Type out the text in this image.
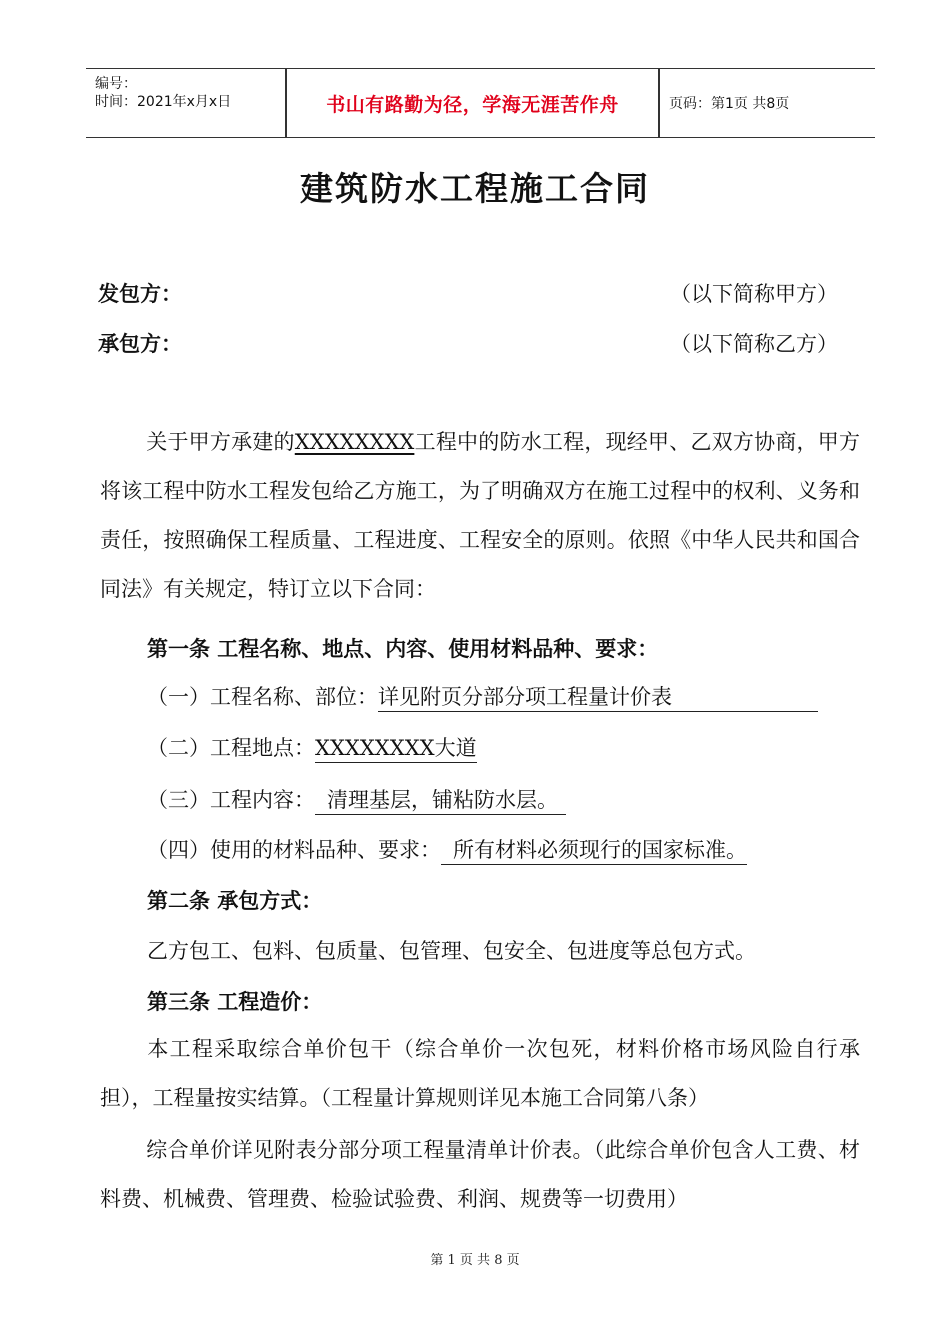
编号：
时间：2021年x月x日	书山有路勤为径，学海无涯苦作舟	页码：第1页 共8页
建筑防水工程施工合同
发包方：	（以下简称甲方）
承包方：	（以下简称乙方）
关于甲方承建的XXXXXXXX工程中的防水工程，现经甲、乙双方协商，甲方将该工程中防水工程发包给乙方施工，为了明确双方在施工过程中的权利、义务和责任，按照确保工程质量、工程进度、工程安全的原则。依照《中华人民共和国合同法》有关规定，特订立以下合同：
第一条 工程名称、地点、内容、使用材料品种、要求：
（一）工程名称、部位：详见附页分部分项工程量计价表
（二）工程地点：XXXXXXXX大道
（三）工程内容： 清理基层，铺粘防水层。
（四）使用的材料品种、要求： 所有材料必须现行的国家标准。
第二条 承包方式：
乙方包工、包料、包质量、包管理、包安全、包进度等总包方式。
第三条 工程造价：
本工程采取综合单价包干（综合单价一次包死，材料价格市场风险自行承担），工程量按实结算。（工程量计算规则详见本施工合同第八条）
综合单价详见附表分部分项工程量清单计价表。（此综合单价包含人工费、材料费、机械费、管理费、检验试验费、利润、规费等一切费用）
第 1 页 共 8 页
